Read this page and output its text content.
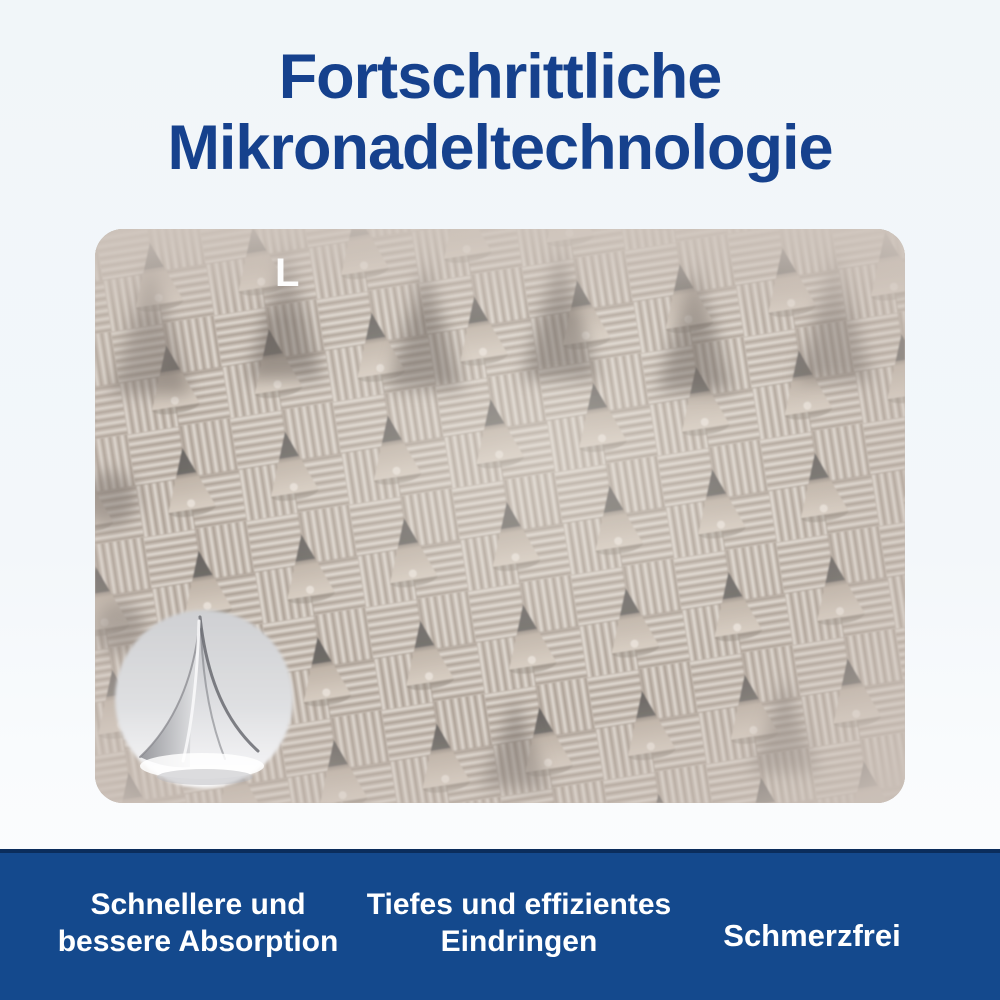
Fortschrittliche
Mikronadeltechnologie
L
Schnellere und
bessere Absorption
Tiefes und effizientes
Eindringen	Schmerzfrei
